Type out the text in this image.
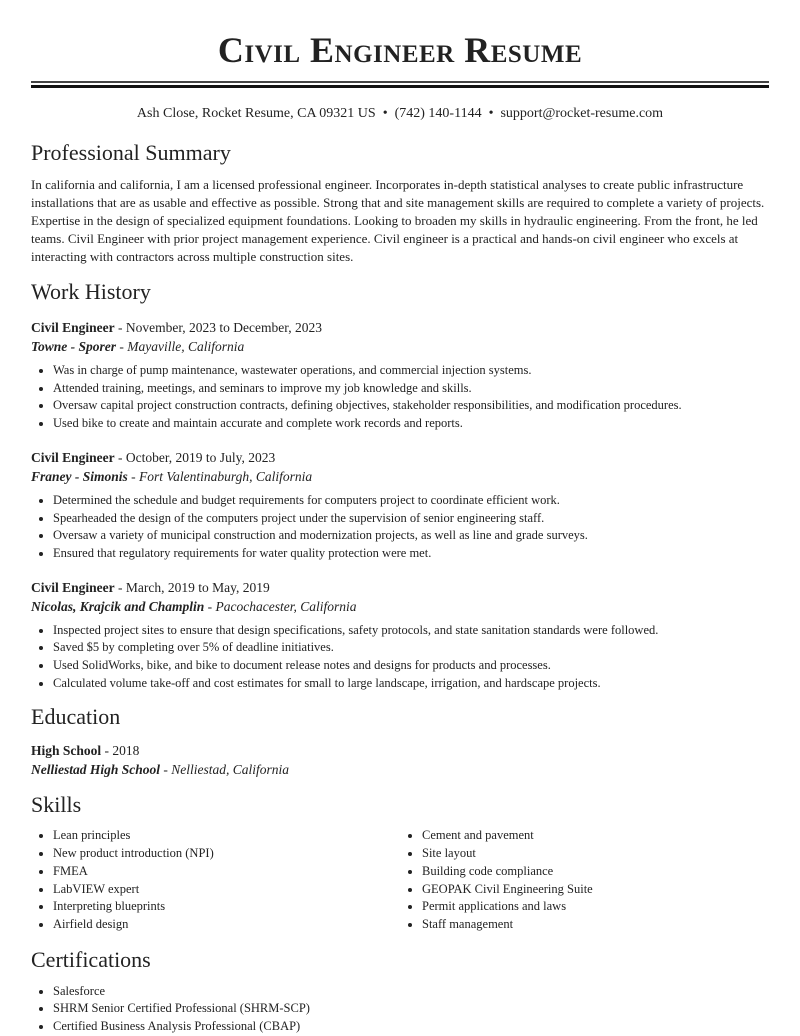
Civil Engineer Resume
Ash Close, Rocket Resume, CA 09321 US • (742) 140-1144 • support@rocket-resume.com
Professional Summary

In california and california, I am a licensed professional engineer. Incorporates in-depth statistical analyses to create public infrastructure installations that are as usable and effective as possible. Strong that and site management skills are required to complete a variety of projects. Expertise in the design of specialized equipment foundations. Looking to broaden my skills in hydraulic engineering. From the front, he led teams. Civil Engineer with prior project management experience. Civil engineer is a practical and hands-on civil engineer who excels at interacting with contractors across multiple construction sites.

Work History
Civil Engineer - November, 2023 to December, 2023
Towne - Sporer - Mayaville, California
• Was in charge of pump maintenance, wastewater operations, and commercial injection systems.
• Attended training, meetings, and seminars to improve my job knowledge and skills.
• Oversaw capital project construction contracts, defining objectives, stakeholder responsibilities, and modification procedures.
• Used bike to create and maintain accurate and complete work records and reports.
Civil Engineer - October, 2019 to July, 2023
Franey - Simonis - Fort Valentinaburgh, California
• Determined the schedule and budget requirements for computers project to coordinate efficient work.
• Spearheaded the design of the computers project under the supervision of senior engineering staff.
• Oversaw a variety of municipal construction and modernization projects, as well as line and grade surveys.
• Ensured that regulatory requirements for water quality protection were met.
Civil Engineer - March, 2019 to May, 2019
Nicolas, Krajcik and Champlin - Pacochacester, California
• Inspected project sites to ensure that design specifications, safety protocols, and state sanitation standards were followed.
• Saved $5 by completing over 5% of deadline initiatives.
• Used SolidWorks, bike, and bike to document release notes and designs for products and processes.
• Calculated volume take-off and cost estimates for small to large landscape, irrigation, and hardscape projects.
Education
High School - 2018
Nelliestad High School - Nelliestad, California
Skills
• Lean principles
• New product introduction (NPI)
• FMEA
• LabVIEW expert
• Interpreting blueprints
• Airfield design
• Cement and pavement
• Site layout
• Building code compliance
• GEOPAK Civil Engineering Suite
• Permit applications and laws
• Staff management
Certifications
• Salesforce
• SHRM Senior Certified Professional (SHRM-SCP)
• Certified Business Analysis Professional (CBAP)
